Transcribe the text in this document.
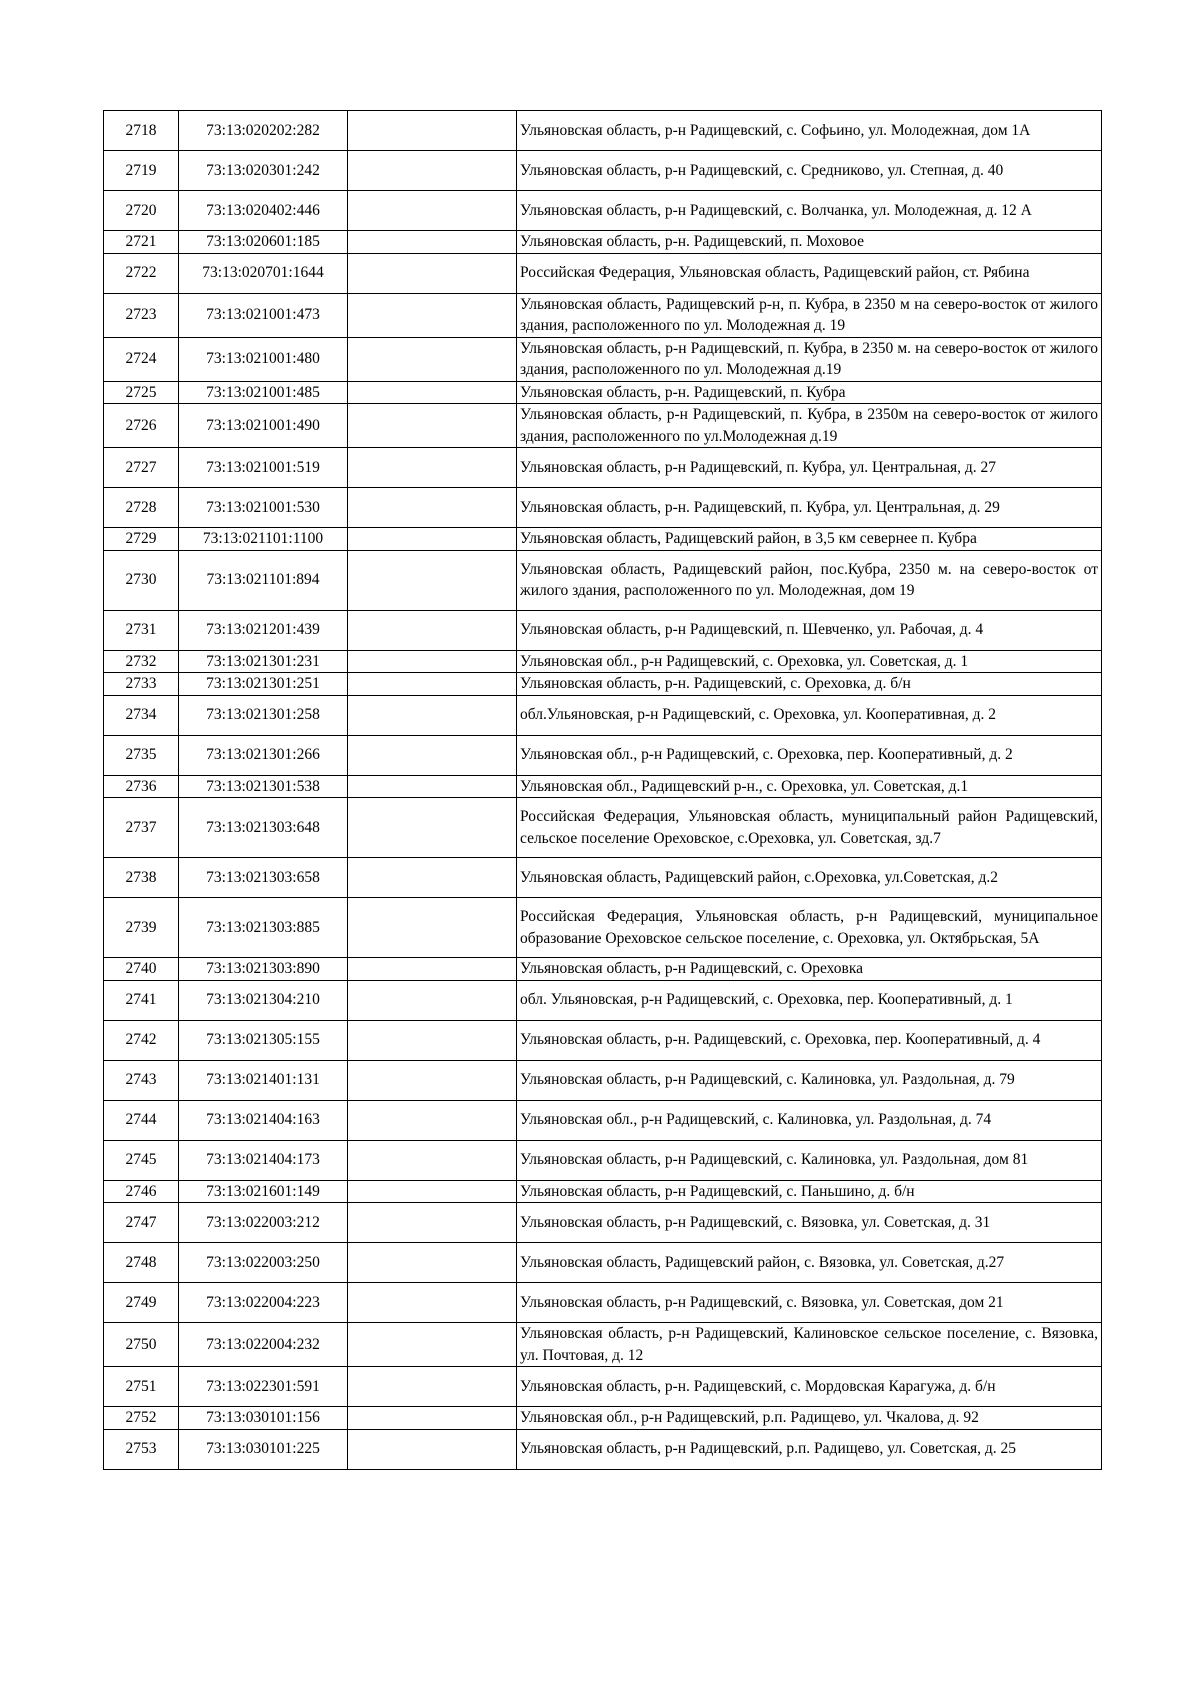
2718	73:13:020202:282		Ульяновская область, р-н Радищевский, с. Софьино, ул. Молодежная, дом 1А
2719	73:13:020301:242		Ульяновская область, р-н Радищевский, с. Средниково, ул. Степная, д. 40
2720	73:13:020402:446		Ульяновская область, р-н Радищевский, с. Волчанка, ул. Молодежная, д. 12 А
2721	73:13:020601:185		Ульяновская область, р-н. Радищевский, п. Моховое
2722	73:13:020701:1644		Российская Федерация, Ульяновская область, Радищевский район, ст. Рябина
2723	73:13:021001:473		Ульяновская область, Радищевский р-н, п. Кубра, в 2350 м на северо-восток от жилого здания, расположенного по ул. Молодежная д. 19
2724	73:13:021001:480		Ульяновская область, р-н Радищевский, п. Кубра, в 2350 м. на северо-восток от жилого здания, расположенного по ул. Молодежная д.19
2725	73:13:021001:485		Ульяновская область, р-н. Радищевский, п. Кубра
2726	73:13:021001:490		Ульяновская область, р-н Радищевский, п. Кубра, в 2350м на северо-восток от жилого здания, расположенного по ул.Молодежная д.19
2727	73:13:021001:519		Ульяновская область, р-н Радищевский, п. Кубра, ул. Центральная, д. 27
2728	73:13:021001:530		Ульяновская область, р-н. Радищевский, п. Кубра, ул. Центральная, д. 29
2729	73:13:021101:1100		Ульяновская область, Радищевский район, в 3,5 км севернее п. Кубра
2730	73:13:021101:894		Ульяновская область, Радищевский район, пос.Кубра, 2350 м. на северо-восток от жилого здания, расположенного по ул. Молодежная, дом 19
2731	73:13:021201:439		Ульяновская область, р-н Радищевский, п. Шевченко, ул. Рабочая, д. 4
2732	73:13:021301:231		Ульяновская обл., р-н Радищевский, с. Ореховка, ул. Советская, д. 1
2733	73:13:021301:251		Ульяновская область, р-н. Радищевский, с. Ореховка, д. б/н
2734	73:13:021301:258		обл.Ульяновская, р-н Радищевский, с. Ореховка, ул. Кооперативная, д. 2
2735	73:13:021301:266		Ульяновская обл., р-н Радищевский, с. Ореховка, пер. Кооперативный, д. 2
2736	73:13:021301:538		Ульяновская обл., Радищевский р-н., с. Ореховка, ул. Советская, д.1
2737	73:13:021303:648		Российская Федерация, Ульяновская область, муниципальный район Радищевский, сельское поселение Ореховское, с.Ореховка, ул. Советская, зд.7
2738	73:13:021303:658		Ульяновская область, Радищевский район, с.Ореховка, ул.Советская, д.2
2739	73:13:021303:885		Российская Федерация, Ульяновская область, р-н Радищевский, муниципальное образование Ореховское сельское поселение, с. Ореховка, ул. Октябрьская, 5А
2740	73:13:021303:890		Ульяновская область, р-н Радищевский, с. Ореховка
2741	73:13:021304:210		обл. Ульяновская, р-н Радищевский, с. Ореховка, пер. Кооперативный, д. 1
2742	73:13:021305:155		Ульяновская область, р-н. Радищевский, с. Ореховка, пер. Кооперативный, д. 4
2743	73:13:021401:131		Ульяновская область, р-н Радищевский, с. Калиновка, ул. Раздольная, д. 79
2744	73:13:021404:163		Ульяновская обл., р-н Радищевский, с. Калиновка, ул. Раздольная, д. 74
2745	73:13:021404:173		Ульяновская область, р-н Радищевский, с. Калиновка, ул. Раздольная, дом 81
2746	73:13:021601:149		Ульяновская область, р-н Радищевский, с. Паньшино, д. б/н
2747	73:13:022003:212		Ульяновская область, р-н Радищевский, с. Вязовка, ул. Советская, д. 31
2748	73:13:022003:250		Ульяновская область, Радищевский район, с. Вязовка, ул. Советская, д.27
2749	73:13:022004:223		Ульяновская область, р-н Радищевский, с. Вязовка, ул. Советская, дом 21
2750	73:13:022004:232		Ульяновская область, р-н Радищевский, Калиновское сельское поселение, с. Вязовка, ул. Почтовая, д. 12
2751	73:13:022301:591		Ульяновская область, р-н. Радищевский, с. Мордовская Карагужа, д. б/н
2752	73:13:030101:156		Ульяновская обл., р-н Радищевский, р.п. Радищево, ул. Чкалова, д. 92
2753	73:13:030101:225		Ульяновская область, р-н Радищевский, р.п. Радищево, ул. Советская, д. 25
